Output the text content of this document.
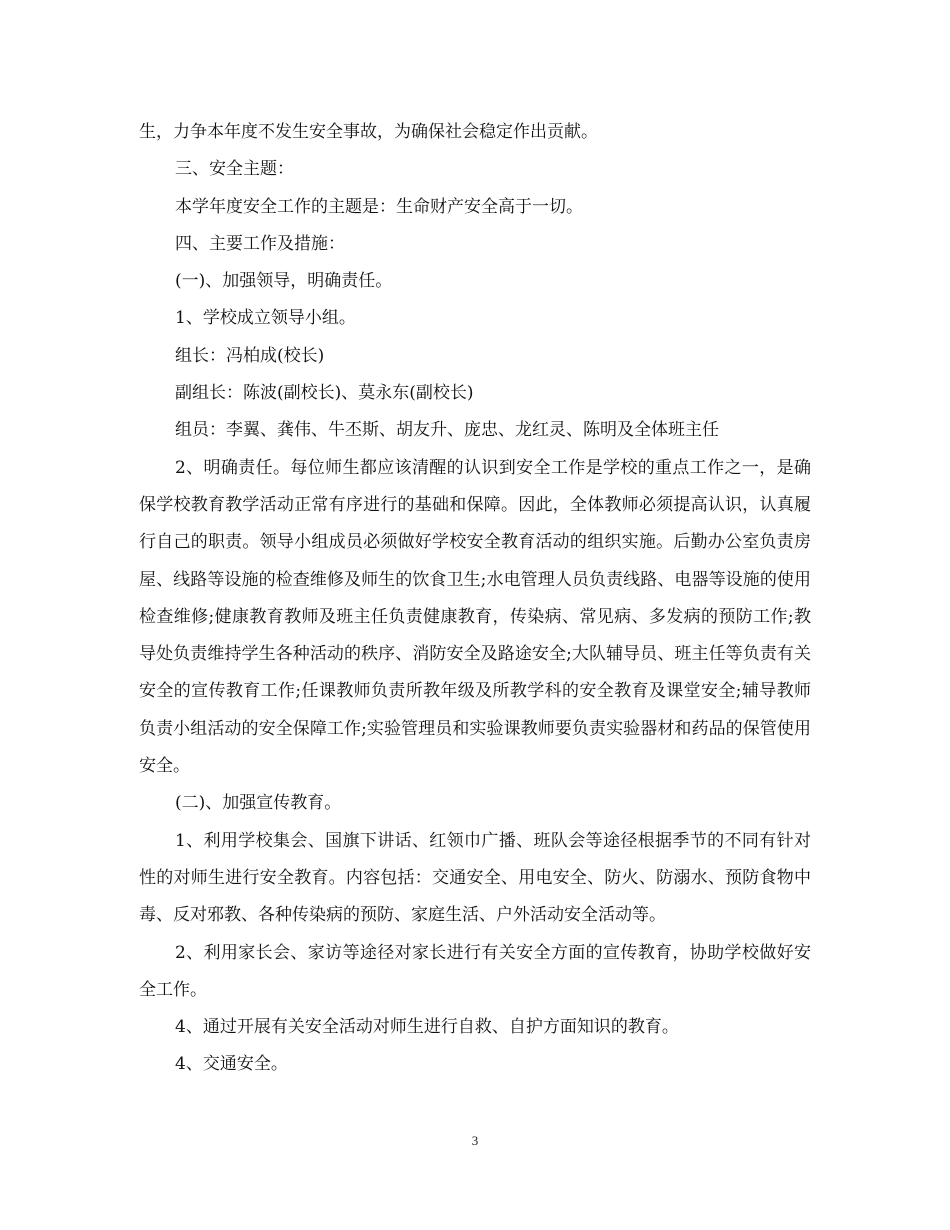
生，力争本年度不发生安全事故，为确保社会稳定作出贡献。

三、安全主题：

本学年度安全工作的主题是：生命财产安全高于一切。

四、主要工作及措施：

(一)、加强领导，明确责任。

1、学校成立领导小组。

组长：冯柏成(校长)

副组长：陈波(副校长)、莫永东(副校长)

组员：李翼、龚伟、牛丕斯、胡友升、庞忠、龙红灵、陈明及全体班主任

2、明确责任。每位师生都应该清醒的认识到安全工作是学校的重点工作之一，是确保学校教育教学活动正常有序进行的基础和保障。因此，全体教师必须提高认识，认真履行自己的职责。领导小组成员必须做好学校安全教育活动的组织实施。后勤办公室负责房屋、线路等设施的检查维修及师生的饮食卫生;水电管理人员负责线路、电器等设施的使用检查维修;健康教育教师及班主任负责健康教育，传染病、常见病、多发病的预防工作;教导处负责维持学生各种活动的秩序、消防安全及路途安全;大队辅导员、班主任等负责有关安全的宣传教育工作;任课教师负责所教年级及所教学科的安全教育及课堂安全;辅导教师负责小组活动的安全保障工作;实验管理员和实验课教师要负责实验器材和药品的保管使用安全。

(二)、加强宣传教育。

1、利用学校集会、国旗下讲话、红领巾广播、班队会等途径根据季节的不同有针对性的对师生进行安全教育。内容包括：交通安全、用电安全、防火、防溺水、预防食物中毒、反对邪教、各种传染病的预防、家庭生活、户外活动安全活动等。

2、利用家长会、家访等途径对家长进行有关安全方面的宣传教育，协助学校做好安全工作。

4、通过开展有关安全活动对师生进行自救、自护方面知识的教育。

4、交通安全。

3
